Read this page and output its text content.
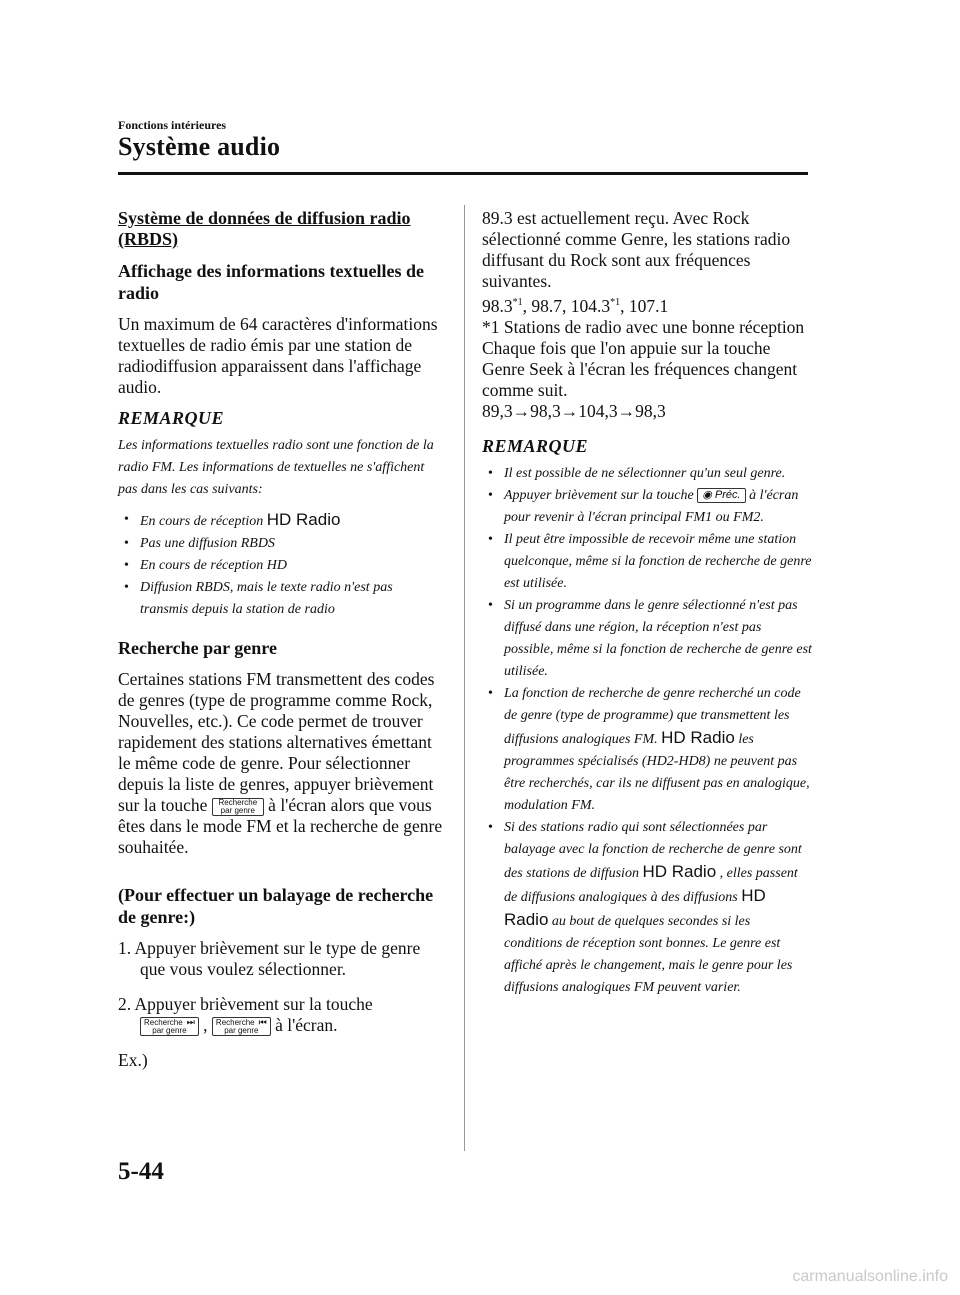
Fonctions intérieures
Système audio
Système de données de diffusion radio (RBDS)
Affichage des informations textuelles de radio
Un maximum de 64 caractères d'informations textuelles de radio émis par une station de radiodiffusion apparaissent dans l'affichage audio.
REMARQUE
Les informations textuelles radio sont une fonction de la radio FM. Les informations de textuelles ne s'affichent pas dans les cas suivants:
• En cours de réception HD Radio
• Pas une diffusion RBDS
• En cours de réception HD
• Diffusion RBDS, mais le texte radio n'est pas transmis depuis la station de radio
Recherche par genre
Certaines stations FM transmettent des codes de genres (type de programme comme Rock, Nouvelles, etc.). Ce code permet de trouver rapidement des stations alternatives émettant le même code de genre. Pour sélectionner depuis la liste de genres, appuyer brièvement sur la touche Recherche
par genre à l'écran alors que vous êtes dans le mode FM et la recherche de genre souhaitée.
(Pour effectuer un balayage de recherche de genre:)
1. Appuyer brièvement sur le type de genre que vous voulez sélectionner.
2. Appuyer brièvement sur la touche
Recherche ⏭
par genre , Recherche ⏮
par genre à l'écran.
Ex.)
89.3 est actuellement reçu. Avec Rock sélectionné comme Genre, les stations radio diffusant du Rock sont aux fréquences suivantes.
98.3$^{*1}$, 98.7, 104.3$^{*1}$, 107.1
*1 Stations de radio avec une bonne réception
Chaque fois que l'on appuie sur la touche Genre Seek à l'écran les fréquences changent comme suit.
89,3→98,3→104,3→98,3
REMARQUE
• Il est possible de ne sélectionner qu'un seul genre.
• Appuyer brièvement sur la touche ◉ Préc. à l'écran pour revenir à l'écran principal FM1 ou FM2.
• Il peut être impossible de recevoir même une station quelconque, même si la fonction de recherche de genre est utilisée.
• Si un programme dans le genre sélectionné n'est pas diffusé dans une région, la réception n'est pas possible, même si la fonction de recherche de genre est utilisée.
• La fonction de recherche de genre recherché un code de genre (type de programme) que transmettent les diffusions analogiques FM. HD Radio les programmes spécialisés (HD2-HD8) ne peuvent pas être recherchés, car ils ne diffusent pas en analogique, modulation FM.
• Si des stations radio qui sont sélectionnées par balayage avec la fonction de recherche de genre sont des stations de diffusion HD Radio , elles passent de diffusions analogiques à des diffusions HD Radio au bout de quelques secondes si les conditions de réception sont bonnes. Le genre est affiché après le changement, mais le genre pour les diffusions analogiques FM peuvent varier.
5-44
carmanualsonline.info
